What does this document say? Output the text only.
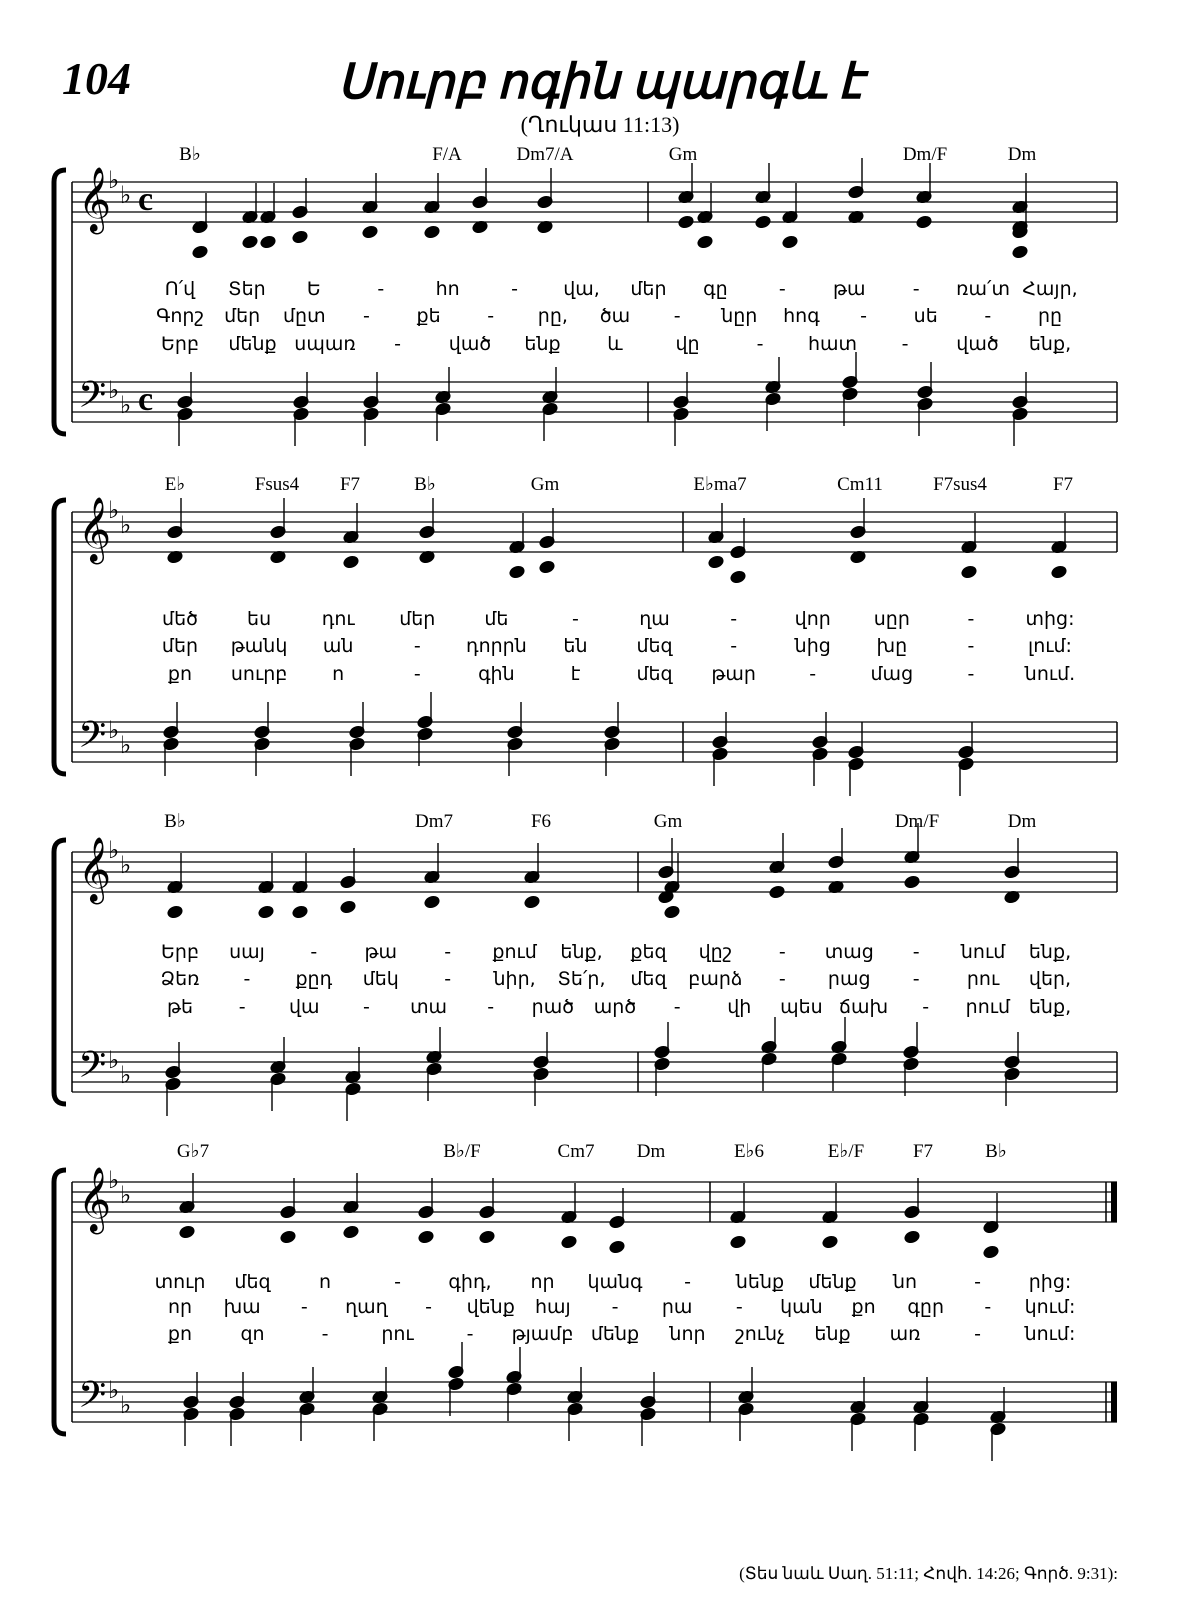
104	Սուրբ ոգին պարգև է
(Ղուկաս 11:13)
𝄞
𝄢
♭
♭
♭
♭
c
c
B♭	F/A	Dm7/A	Gm	Dm/F	Dm
Ո՛վ Տեր Ե	-	հո	- վա, մեր գը	- թա - ռա՛տ Հայր,
Գորշ մեր մըտ - քե - րը, ծա - նըր հոգ - սե - րը
Երբ մենք սպառ -	ված ենք և	վը	- հատ -	ված ենք,
𝄞
𝄢
♭
♭
♭
♭
E♭	Fsus4 F7	B♭	Gm	E♭ma7	Cm11	F7sus4	F7
մեծ	ես	դու մեր	մե	-	ղա	-	վոր սըր	-	տից:
մեր թանկ ան	- դորրն են	մեզ	-	նից խը	-	լում:
քո սուրբ ո	-	գին	է	մեզ թար	-	մաց	-	նում.
𝄞
𝄢
♭
♭
♭
♭
B♭	Dm7	F6	Gm	Dm/F	Dm
Երբ սայ - թա - քում ենք, քեզ վըշ - տաց - նում ենք,
Ձեռ - քըդ մեկ - նիր, Տե՛ր, մեզ բարձ - րաց - րու վեր,
թե - վա - տա - րած արծ - վի պես ճախ - րում ենք,
𝄞
𝄢
♭
♭
♭
♭
G♭7	B♭/F	Cm7 Dm	E♭6	E♭/F	F7	B♭
տուր մեզ	ո	- գիդ, որ կանգ - նենք մենք նո	-	րից:
որ խա - ղաղ - վենք հայ - րա - կան քո գըր - կում:
քո	զո	-	րու	- թյամբ մենք նոր շունչ ենք առ	- նում:
(Տես նաև Սաղ. 51:11; Հովհ. 14:26; Գործ. 9:31):
